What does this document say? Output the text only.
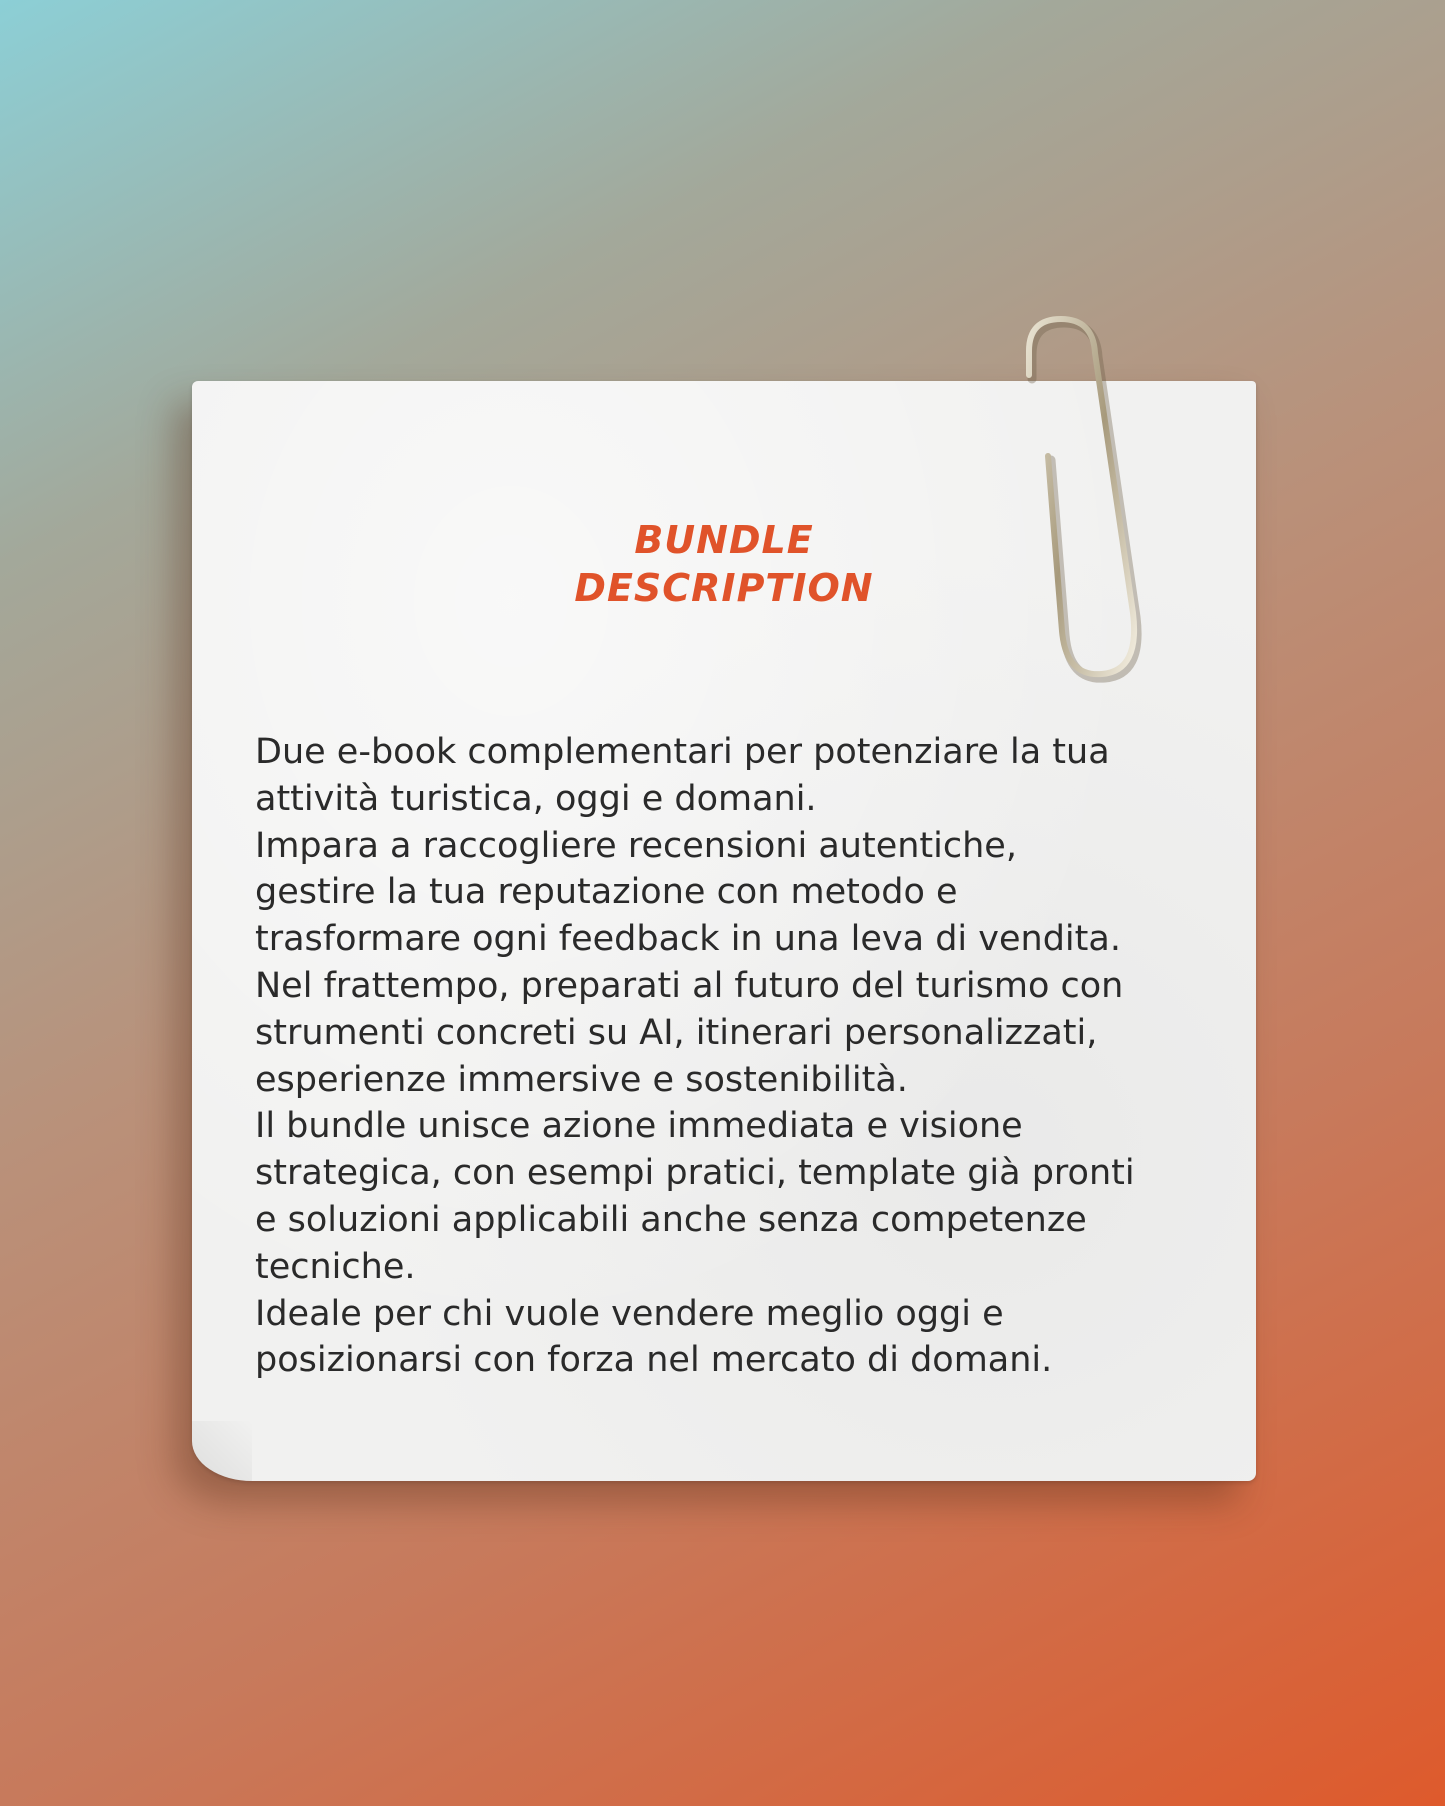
BUNDLE
DESCRIPTION

Due e-book complementari per potenziare la tua

attività turistica, oggi e domani.

Impara a raccogliere recensioni autentiche,

gestire la tua reputazione con metodo e

trasformare ogni feedback in una leva di vendita.

Nel frattempo, preparati al futuro del turismo con

strumenti concreti su AI, itinerari personalizzati,

esperienze immersive e sostenibilità.

Il bundle unisce azione immediata e visione

strategica, con esempi pratici, template già pronti

e soluzioni applicabili anche senza competenze

tecniche.

Ideale per chi vuole vendere meglio oggi e

posizionarsi con forza nel mercato di domani.
